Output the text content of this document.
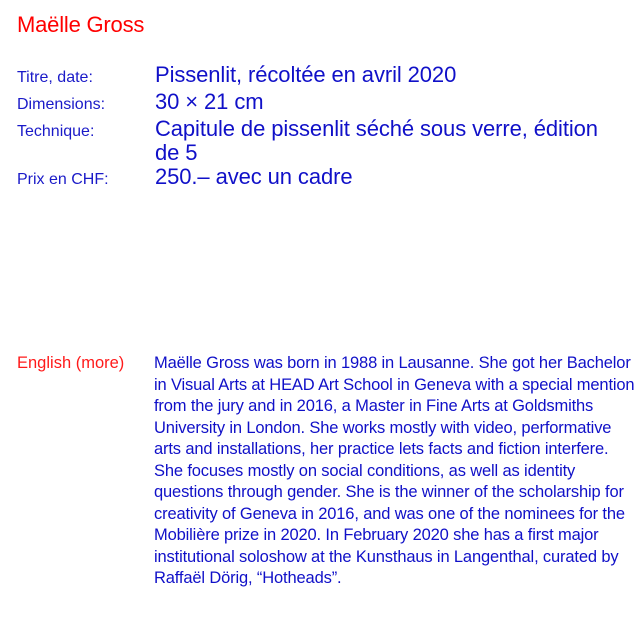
Maëlle Gross
Titre, date:	Pissenlit, récoltée en avril 2020
Dimensions:	30 × 21 cm
Technique:	Capitule de pissenlit séché sous verre, édition de 5
Prix en CHF:	250.– avec un cadre
English (more)	Maëlle Gross was born in 1988 in Lausanne. She got her Bachelor in Visual Arts at HEAD Art School in Geneva with a special mention from the jury and in 2016, a Master in Fine Arts at Goldsmiths University in London. She works mostly with video, performative arts and installations, her practice lets facts and fiction interfere. She focuses mostly on social conditions, as well as identity questions through gender. She is the winner of the scholarship for creativity of Geneva in 2016, and was one of the nominees for the Mobilière prize in 2020. In February 2020 she has a first major institutional soloshow at the Kunsthaus in Langenthal, curated by Raffaël Dörig, “Hotheads”.
